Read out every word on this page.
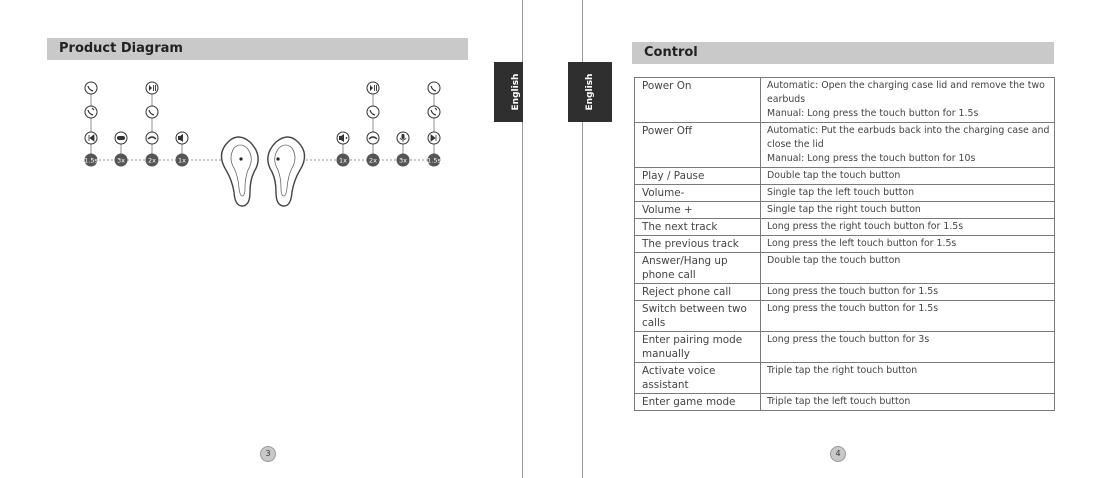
Product Diagram
1.5s	3x	2x	1x	1x	2x	3x	1.5s
English
3
English
Control
Power On	Automatic: Open the charging case lid and remove the two
earbuds
Manual: Long press the touch button for 1.5s

Power Off	Automatic: Put the earbuds back into the charging case and
close the lid
Manual: Long press the touch button for 10s

Play / Pause	Double tap the touch button

Volume-	Single tap the left touch button

Volume +	Single tap the right touch button

The next track	Long press the right touch button for 1.5s

The previous track	Long press the left touch button for 1.5s

Answer/Hang up
phone call	Double tap the touch button

Reject phone call	Long press the touch button for 1.5s

Switch between two
calls	Long press the touch button for 1.5s

Enter pairing mode
manually	Long press the touch button for 3s

Activate voice
assistant	Triple tap the right touch button

Enter game mode	Triple tap the left touch button
4
